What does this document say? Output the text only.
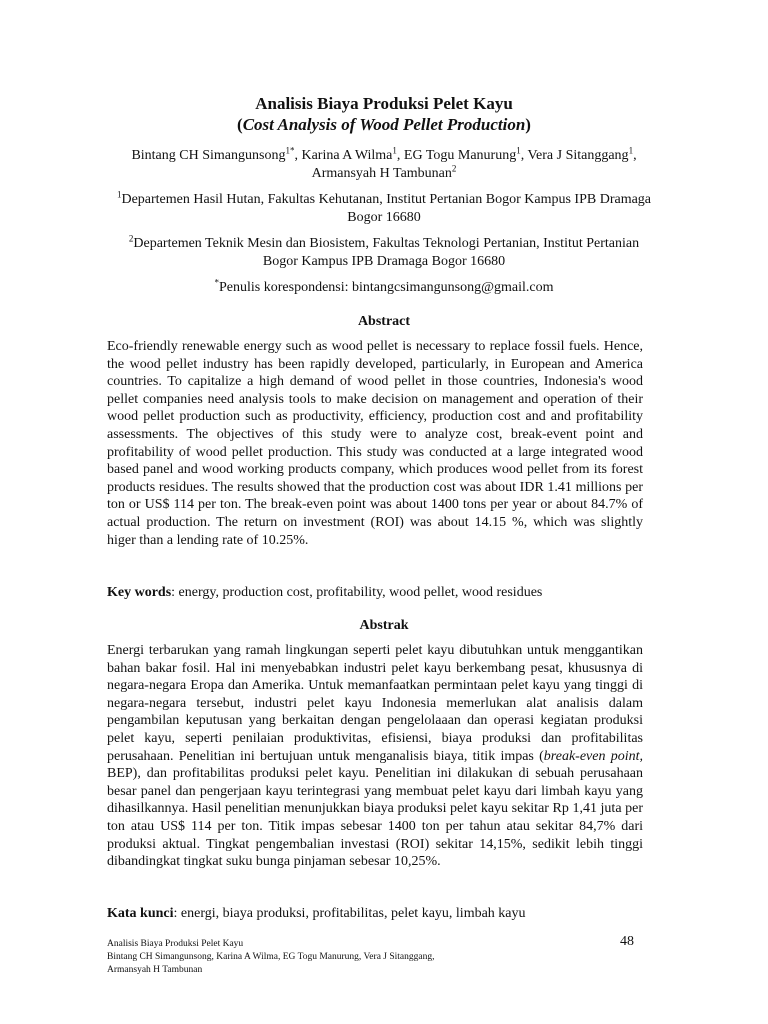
Analisis Biaya Produksi Pelet Kayu
(Cost Analysis of Wood Pellet Production)
Bintang CH Simangunsong$^{1*}$, Karina A Wilma$^1$, EG Togu Manurung$^1$, Vera J Sitanggang$^1$, Armansyah H Tambunan$^2$
$^1$Departemen Hasil Hutan, Fakultas Kehutanan, Institut Pertanian Bogor Kampus IPB Dramaga Bogor 16680
$^2$Departemen Teknik Mesin dan Biosistem, Fakultas Teknologi Pertanian, Institut Pertanian Bogor Kampus IPB Dramaga Bogor 16680
*Penulis korespondensi: bintangcsimangunsong@gmail.com
Abstract
Eco-friendly renewable energy such as wood pellet is necessary to replace fossil fuels. Hence, the wood pellet industry has been rapidly developed, particularly, in European and America countries. To capitalize a high demand of wood pellet in those countries, Indonesia's wood pellet companies need analysis tools to make decision on management and operation of their wood pellet production such as productivity, efficiency, production cost and and profitability assessments. The objectives of this study were to analyze cost, break-event point and profitability of wood pellet production. This study was conducted at a large integrated wood based panel and wood working products company, which produces wood pellet from its forest products residues. The results showed that the production cost was about IDR 1.41 millions per ton or US$ 114 per ton. The break-even point was about 1400 tons per year or about 84.7% of actual production. The return on investment (ROI) was about 14.15 %, which was slightly higer than a lending rate of 10.25%.
Key words: energy, production cost, profitability, wood pellet, wood residues
Abstrak
Energi terbarukan yang ramah lingkungan seperti pelet kayu dibutuhkan untuk menggantikan bahan bakar fosil. Hal ini menyebabkan industri pelet kayu berkembang pesat, khususnya di negara-negara Eropa dan Amerika. Untuk memanfaatkan permintaan pelet kayu yang tinggi di negara-negara tersebut, industri pelet kayu Indonesia memerlukan alat analisis dalam pengambilan keputusan yang berkaitan dengan pengelolaaan dan operasi kegiatan produksi pelet kayu, seperti penilaian produktivitas, efisiensi, biaya produksi dan profitabilitas perusahaan. Penelitian ini bertujuan untuk menganalisis biaya, titik impas (break-even point, BEP), dan profitabilitas produksi pelet kayu. Penelitian ini dilakukan di sebuah perusahaan besar panel dan pengerjaan kayu terintegrasi yang membuat pelet kayu dari limbah kayu yang dihasilkannya. Hasil penelitian menunjukkan biaya produksi pelet kayu sekitar Rp 1,41 juta per ton atau US$ 114 per ton. Titik impas sebesar 1400 ton per tahun atau sekitar 84,7% dari produksi aktual. Tingkat pengembalian investasi (ROI) sekitar 14,15%, sedikit lebih tinggi dibandingkat tingkat suku bunga pinjaman sebesar 10,25%.
Kata kunci: energi, biaya produksi, profitabilitas, pelet kayu, limbah kayu
Analisis Biaya Produksi Pelet Kayu
Bintang CH Simangunsong, Karina A Wilma, EG Togu Manurung, Vera J Sitanggang,
Armansyah H Tambunan
48
